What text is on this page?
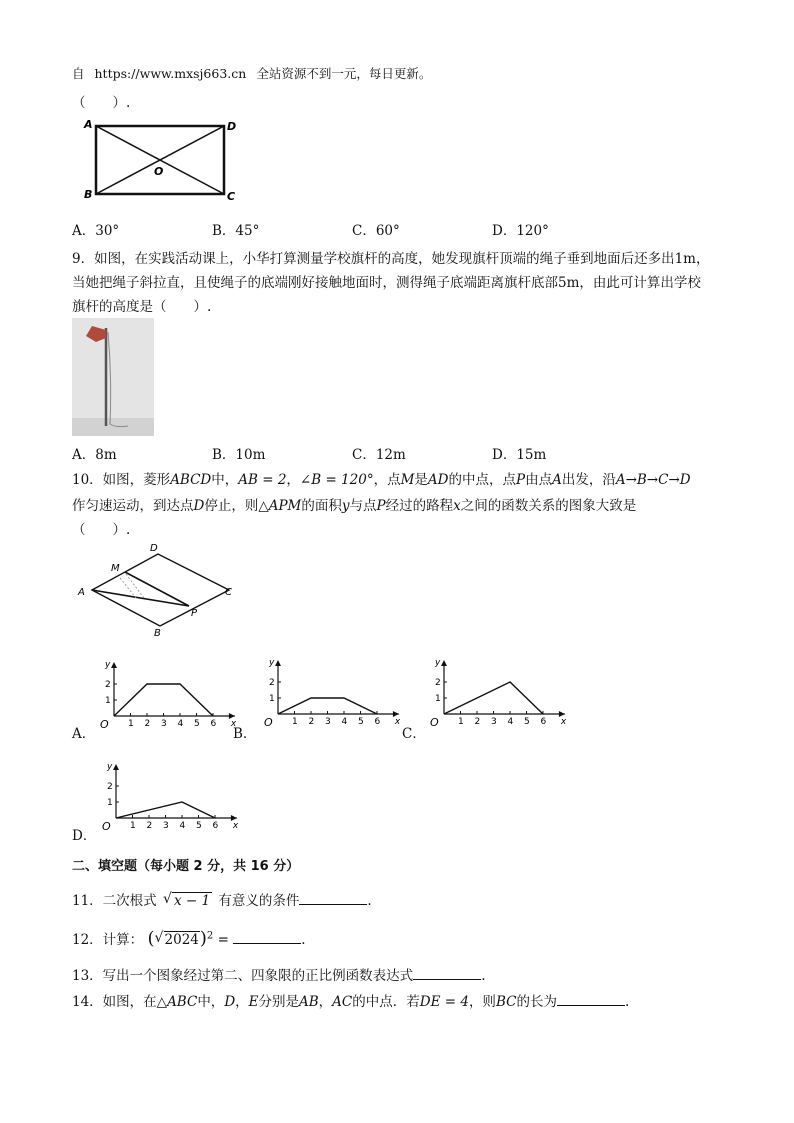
自 https://www.mxsj663.cn 全站资源不到一元，每日更新。
（　　）.
A	D
B	C
O
A．30°	B．45°	C．60°	D．120°
9．如图，在实践活动课上，小华打算测量学校旗杆的高度，她发现旗杆顶端的绳子垂到地面后还多出1m，
当她把绳子斜拉直，且使绳子的底端刚好接触地面时，测得绳子底端距离旗杆底部5m，由此可计算出学校
旗杆的高度是（　　）.
A．8m	B．10m	C．12m	D．15m
10．如图，菱形ABCD中，AB = 2，∠B = 120°，点M是AD的中点，点P由点A出发，沿A→B→C→D
作匀速运动，到达点D停止，则△APM的面积y与点P经过的路程x之间的函数关系的图象大致是
（　　）.
A
D
C
B
M
P
A．
y
x
O
1
2
1 2 3 4 5 6
B．
y
x
O
1
2
1 2 3 4 5 6
C．
y
x
O
1
2
1 2 3 4 5 6
D．
y
x
O
1
2
1 2 3 4 5 6
二、填空题（每小题 2 分，共 16 分）
11．二次根式 √ x − 1 有意义的条件	.
12．计算： ( √ 2024)$^2$ =	.
13．写出一个图象经过第二、四象限的正比例函数表达式	.
14．如图，在△ABC中，D，E分别是AB，AC的中点．若DE = 4，则BC的长为	.
